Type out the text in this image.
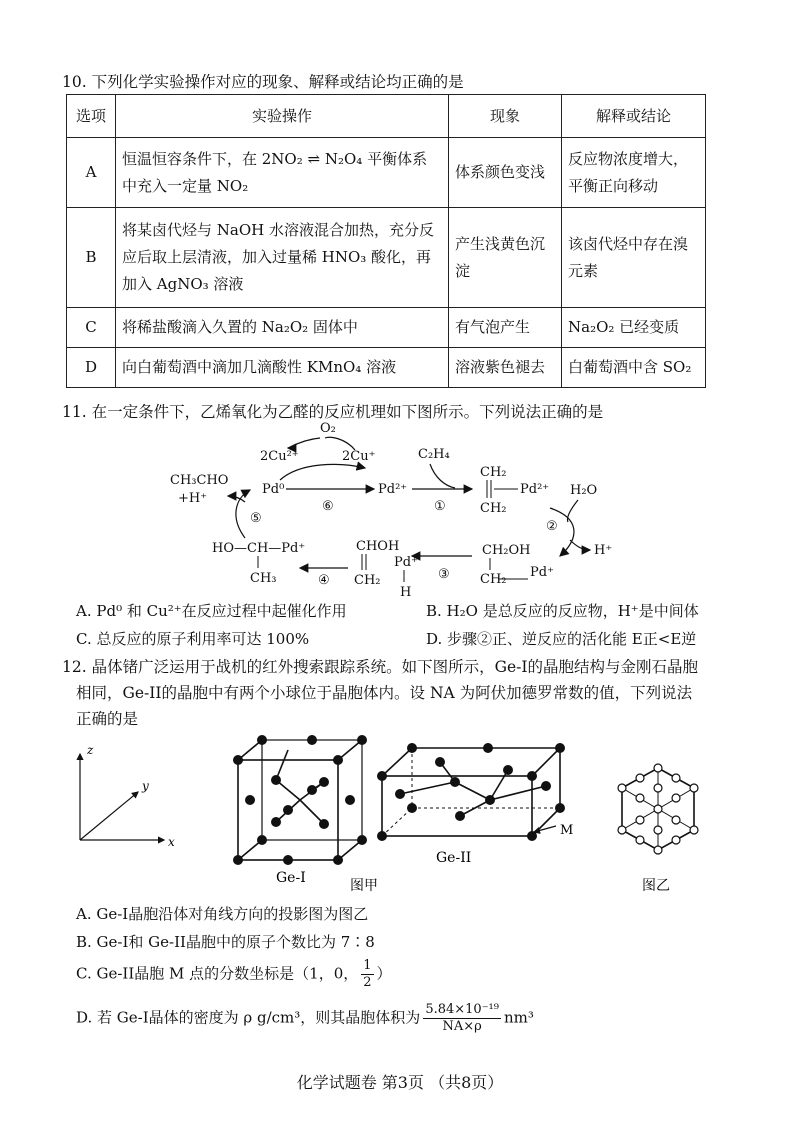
10. 下列化学实验操作对应的现象、解释或结论均正确的是
选项	实验操作	现象	解释或结论
A	恒温恒容条件下，在 2NO₂ ⇌ N₂O₄ 平衡体系中充入一定量 NO₂	体系颜色变浅	反应物浓度增大，平衡正向移动
B	将某卤代烃与 NaOH 水溶液混合加热，充分反应后取上层清液，加入过量稀 HNO₃ 酸化，再加入 AgNO₃ 溶液	产生浅黄色沉淀	该卤代烃中存在溴元素
C	将稀盐酸滴入久置的 Na₂O₂ 固体中	有气泡产生	Na₂O₂ 已经变质
D	向白葡萄酒中滴加几滴酸性 KMnO₄ 溶液	溶液紫色褪去	白葡萄酒中含 SO₂
11. 在一定条件下，乙烯氧化为乙醛的反应机理如下图所示。下列说法正确的是
O₂
2Cu²⁺	2Cu⁺
Pd⁰	Pd²⁺
⑥
CH₃CHO
+H⁺
⑤
C₂H₄
①
CH₂
CH₂
Pd²⁺ H₂O
H⁺
②
CH₂OH
CH₂ Pd⁺
③
CHOH
CH₂
Pd⁺
H
④
HO—CH—Pd⁺
CH₃
A. Pd⁰ 和 Cu²⁺在反应过程中起催化作用	B. H₂O 是总反应的反应物，H⁺是中间体
C. 总反应的原子利用率可达 100%	D. 步骤②正、逆反应的活化能 E正<E逆
12. 晶体锗广泛运用于战机的红外搜索跟踪系统。如下图所示，Ge-I的晶胞结构与金刚石晶胞
相同，Ge-II的晶胞中有两个小球位于晶胞体内。设 NA 为阿伏加德罗常数的值，下列说法
正确的是
z
y
x
Ge-I
M
Ge-II
图甲	图乙
A. Ge-I晶胞沿体对角线方向的投影图为图乙
B. Ge-I和 Ge-II晶胞中的原子个数比为 7∶8
C. Ge-II晶胞 M 点的分数坐标是（1，0， $\frac{1}{2}$ ）
D. 若 Ge-I晶体的密度为 ρ g/cm³，则其晶胞体积为 $\frac{\text{5.84×10⁻¹⁹}}{NA\times\rho} nm^3$
化学试题卷 第3页 （共8页）
